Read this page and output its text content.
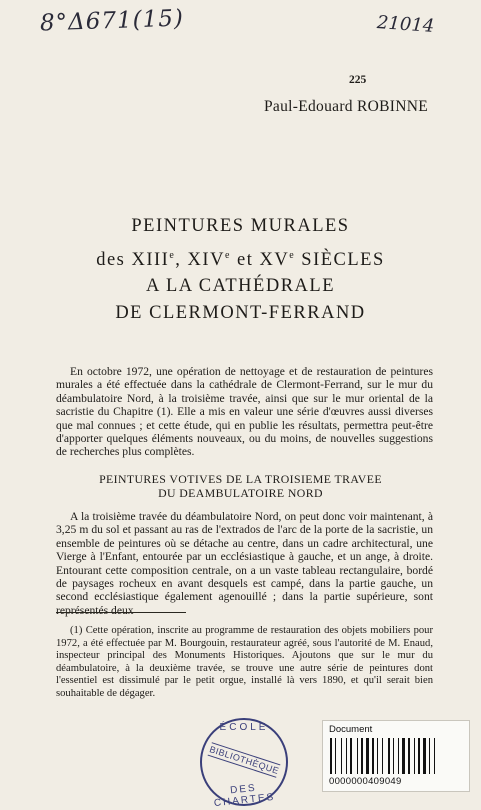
8°Δ671(15)	21014
225
Paul-Edouard ROBINNE
PEINTURES MURALES
des XIIIe, XIVe et XVe SIÈCLES
A LA CATHÉDRALE
DE CLERMONT-FERRAND

En octobre 1972, une opération de nettoyage et de restauration de peintures murales a été effectuée dans la cathédrale de Clermont-Ferrand, sur le mur du déambulatoire Nord, à la troisième travée, ainsi que sur le mur oriental de la sacristie du Chapitre (1). Elle a mis en valeur une série d'œuvres aussi diverses que mal connues ; et cette étude, qui en publie les résultats, permettra peut-être d'apporter quelques éléments nouveaux, ou du moins, de nouvelles suggestions de recherches plus complètes.

PEINTURES VOTIVES DE LA TROISIEME TRAVEE
DU DEAMBULATOIRE NORD

A la troisième travée du déambulatoire Nord, on peut donc voir maintenant, à 3,25 m du sol et passant au ras de l'extrados de l'arc de la porte de la sacristie, un ensemble de peintures où se détache au centre, dans un cadre architectural, une Vierge à l'Enfant, entourée par un ecclésiastique à gauche, et un ange, à droite. Entourant cette composition centrale, on a un vaste tableau rectangulaire, bordé de paysages rocheux en avant desquels est campé, dans la partie gauche, un second ecclésiastique également agenouillé ; dans la partie supérieure, sont représentés deux

(1) Cette opération, inscrite au programme de restauration des objets mobiliers pour 1972, a été effectuée par M. Bourgouin, restaurateur agréé, sous l'autorité de M. Enaud, inspecteur principal des Monuments Historiques. Ajoutons que sur le mur du déambulatoire, à la deuxième travée, se trouve une autre série de peintures dont l'essentiel est dissimulé par le petit orgue, installé là vers 1890, et qu'il serait bien souhaitable de dégager.

ÉCOLE
BIBLIOTHÈQUE
DES CHARTES
Document
0000000409049
